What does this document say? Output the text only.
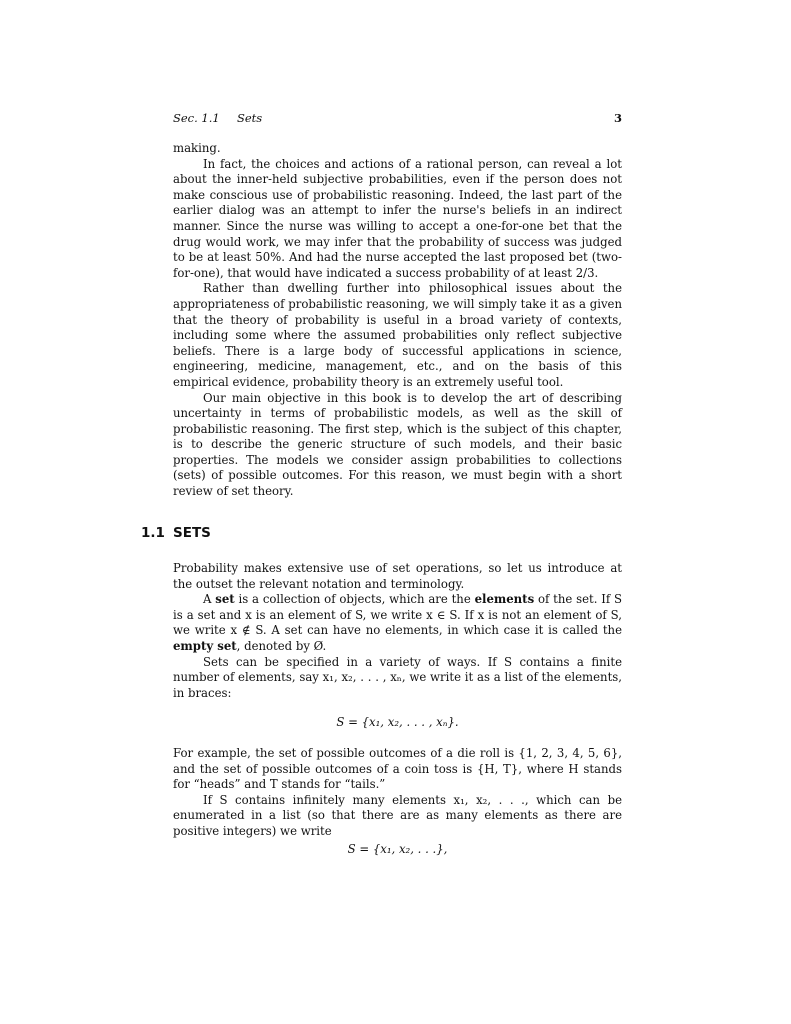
Sec. 1.1 Sets	3

making.

In fact, the choices and actions of a rational person, can reveal a lot about the inner-held subjective probabilities, even if the person does not make conscious use of probabilistic reasoning. Indeed, the last part of the earlier dialog was an attempt to infer the nurse's beliefs in an indirect manner. Since the nurse was willing to accept a one-for-one bet that the drug would work, we may infer that the probability of success was judged to be at least 50%. And had the nurse accepted the last proposed bet (two-for-one), that would have indicated a success probability of at least 2/3.

Rather than dwelling further into philosophical issues about the appropriateness of probabilistic reasoning, we will simply take it as a given that the theory of probability is useful in a broad variety of contexts, including some where the assumed probabilities only reflect subjective beliefs. There is a large body of successful applications in science, engineering, medicine, management, etc., and on the basis of this empirical evidence, probability theory is an extremely useful tool.

Our main objective in this book is to develop the art of describing uncertainty in terms of probabilistic models, as well as the skill of probabilistic reasoning. The first step, which is the subject of this chapter, is to describe the generic structure of such models, and their basic properties. The models we consider assign probabilities to collections (sets) of possible outcomes. For this reason, we must begin with a short review of set theory.

1.1 SETS

Probability makes extensive use of set operations, so let us introduce at the outset the relevant notation and terminology.

A set is a collection of objects, which are the elements of the set. If S is a set and x is an element of S, we write x ∈ S. If x is not an element of S, we write x ∉ S. A set can have no elements, in which case it is called the empty set, denoted by Ø.

Sets can be specified in a variety of ways. If S contains a finite number of elements, say x₁, x₂, . . . , xₙ, we write it as a list of the elements, in braces:

S = {x₁, x₂, . . . , xₙ}.

For example, the set of possible outcomes of a die roll is {1, 2, 3, 4, 5, 6}, and the set of possible outcomes of a coin toss is {H, T}, where H stands for “heads” and T stands for “tails.”

If S contains infinitely many elements x₁, x₂, . . ., which can be enumerated in a list (so that there are as many elements as there are positive integers) we write

S = {x₁, x₂, . . .},
